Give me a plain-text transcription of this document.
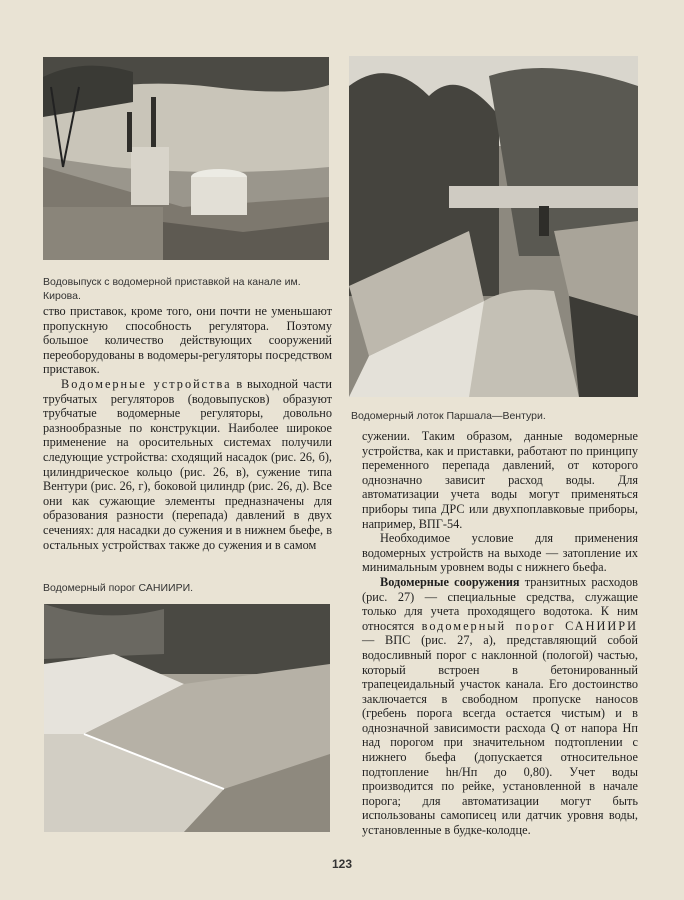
Водовыпуск с водомерной приставкой на канале им. Кирова.
Водомерный лоток Паршала—Вентури.

ство приставок, кроме того, они почти не уменьшают пропускную способность регулятора. Поэтому большое количество действующих сооружений переоборудованы в водомеры-регуляторы посредством приставок.

Водомерные устройства в выходной части трубчатых регуляторов (водовыпусков) образуют трубчатые водомерные регуляторы, довольно разнообразные по конструкции. Наиболее широкое применение на оросительных системах получили следующие устройства: сходящий насадок (рис. 26, б), цилиндрическое кольцо (рис. 26, в), сужение типа Вентури (рис. 26, г), боковой цилиндр (рис. 26, д). Все они как сужающие элементы предназначены для образования разности (перепада) давлений в двух сечениях: для насадки до сужения и в нижнем бьефе, в остальных устройствах также до сужения и в самом

Водомерный порог САНИИРИ.

сужении. Таким образом, данные водомерные устройства, как и приставки, работают по принципу переменного перепада давлений, от которого однозначно зависит расход воды. Для автоматизации учета воды могут применяться приборы типа ДРС или двухпоплавковые приборы, например, ВПГ-54.

Необходимое условие для применения водомерных устройств на выходе — затопление их минимальным уровнем воды с нижнего бьефа.

Водомерные сооружения транзитных расходов (рис. 27) — специальные средства, служащие только для учета проходящего водотока. К ним относятся водомерный порог САНИИРИ — ВПС (рис. 27, а), представляющий собой водосливный порог с наклонной (пологой) частью, который встроен в бетонированный трапецеидальный участок канала. Его достоинство заключается в свободном пропуске наносов (гребень порога всегда остается чистым) и в однозначной зависимости расхода Q от напора Hп над порогом при значительном подтоплении с нижнего бьефа (допускается относительное подтопление hн/Hп до 0,80). Учет воды производится по рейке, установленной в начале порога; для автоматизации могут быть использованы самописец или датчик уровня воды, установленные в будке-колодце.

123
